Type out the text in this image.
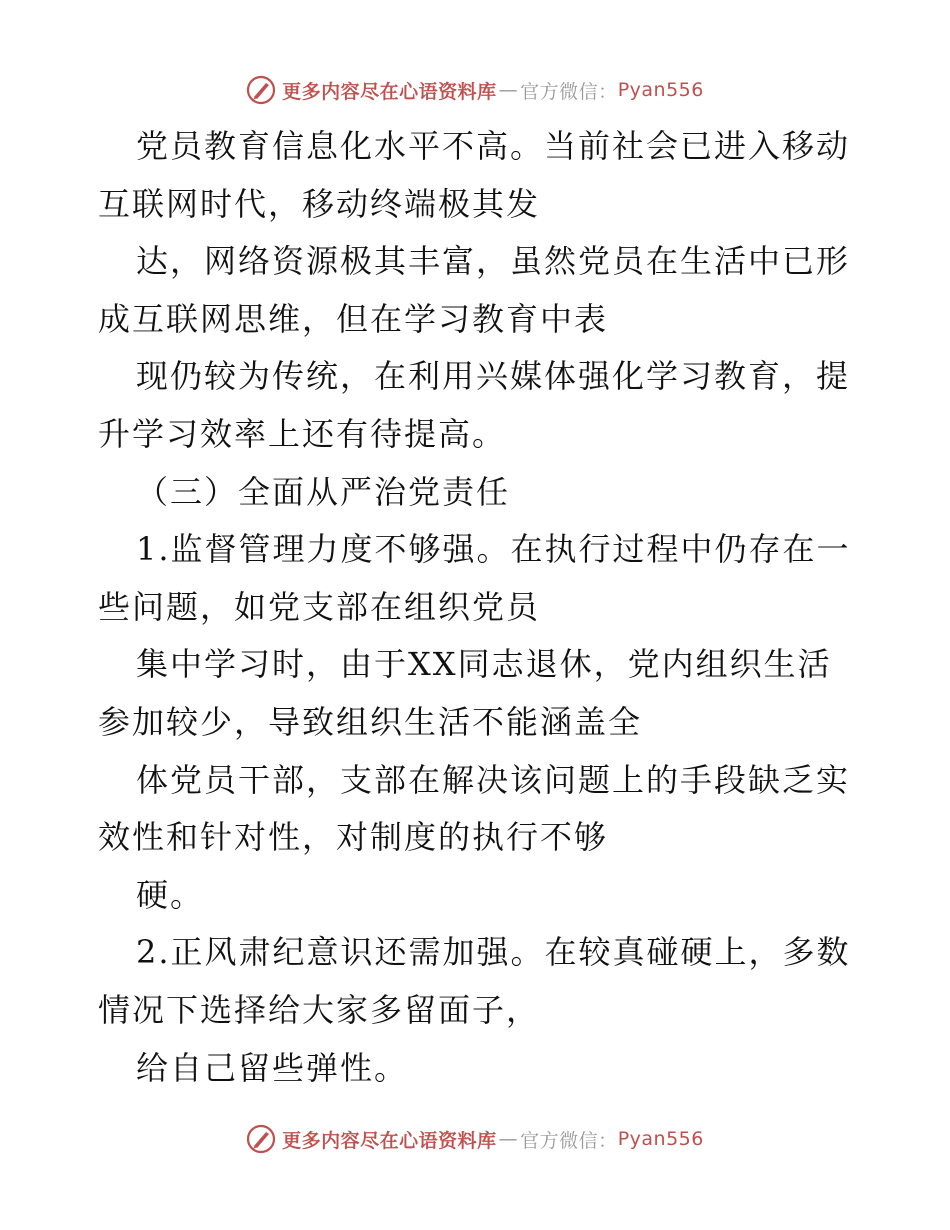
更多内容尽在心语资料库 — 官方微信： Pyan556
党员教育信息化水平不高。当前社会已进入移动
互联网时代，移动终端极其发
达，网络资源极其丰富，虽然党员在生活中已形
成互联网思维，但在学习教育中表
现仍较为传统，在利用兴媒体强化学习教育，提
升学习效率上还有待提高。
（三）全面从严治党责任
1.监督管理力度不够强。在执行过程中仍存在一
些问题，如党支部在组织党员
集中学习时，由于XX同志退休，党内组织生活
参加较少，导致组织生活不能涵盖全
体党员干部，支部在解决该问题上的手段缺乏实
效性和针对性，对制度的执行不够
硬。
2.正风肃纪意识还需加强。在较真碰硬上，多数
情况下选择给大家多留面子，
给自己留些弹性。
更多内容尽在心语资料库 — 官方微信： Pyan556
